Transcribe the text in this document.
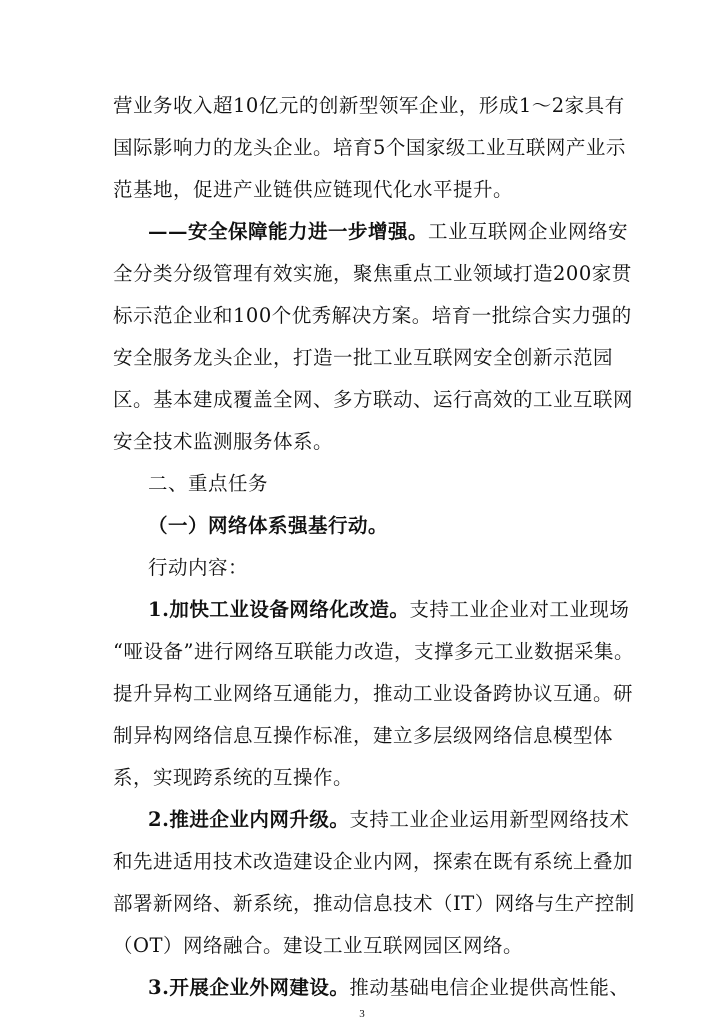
营业务收入超10亿元的创新型领军企业，形成1～2家具有
国际影响力的龙头企业。培育5个国家级工业互联网产业示
范基地，促进产业链供应链现代化水平提升。
——安全保障能力进一步增强。工业互联网企业网络安
全分类分级管理有效实施，聚焦重点工业领域打造200家贯
标示范企业和100个优秀解决方案。培育一批综合实力强的
安全服务龙头企业，打造一批工业互联网安全创新示范园
区。基本建成覆盖全网、多方联动、运行高效的工业互联网
安全技术监测服务体系。
二、重点任务
（一）网络体系强基行动。
行动内容：
1.加快工业设备网络化改造。支持工业企业对工业现场
“哑设备”进行网络互联能力改造，支撑多元工业数据采集。
提升异构工业网络互通能力，推动工业设备跨协议互通。研
制异构网络信息互操作标准，建立多层级网络信息模型体
系，实现跨系统的互操作。
2.推进企业内网升级。支持工业企业运用新型网络技术
和先进适用技术改造建设企业内网，探索在既有系统上叠加
部署新网络、新系统，推动信息技术（IT）网络与生产控制
（OT）网络融合。建设工业互联网园区网络。
3.开展企业外网建设。推动基础电信企业提供高性能、
3
